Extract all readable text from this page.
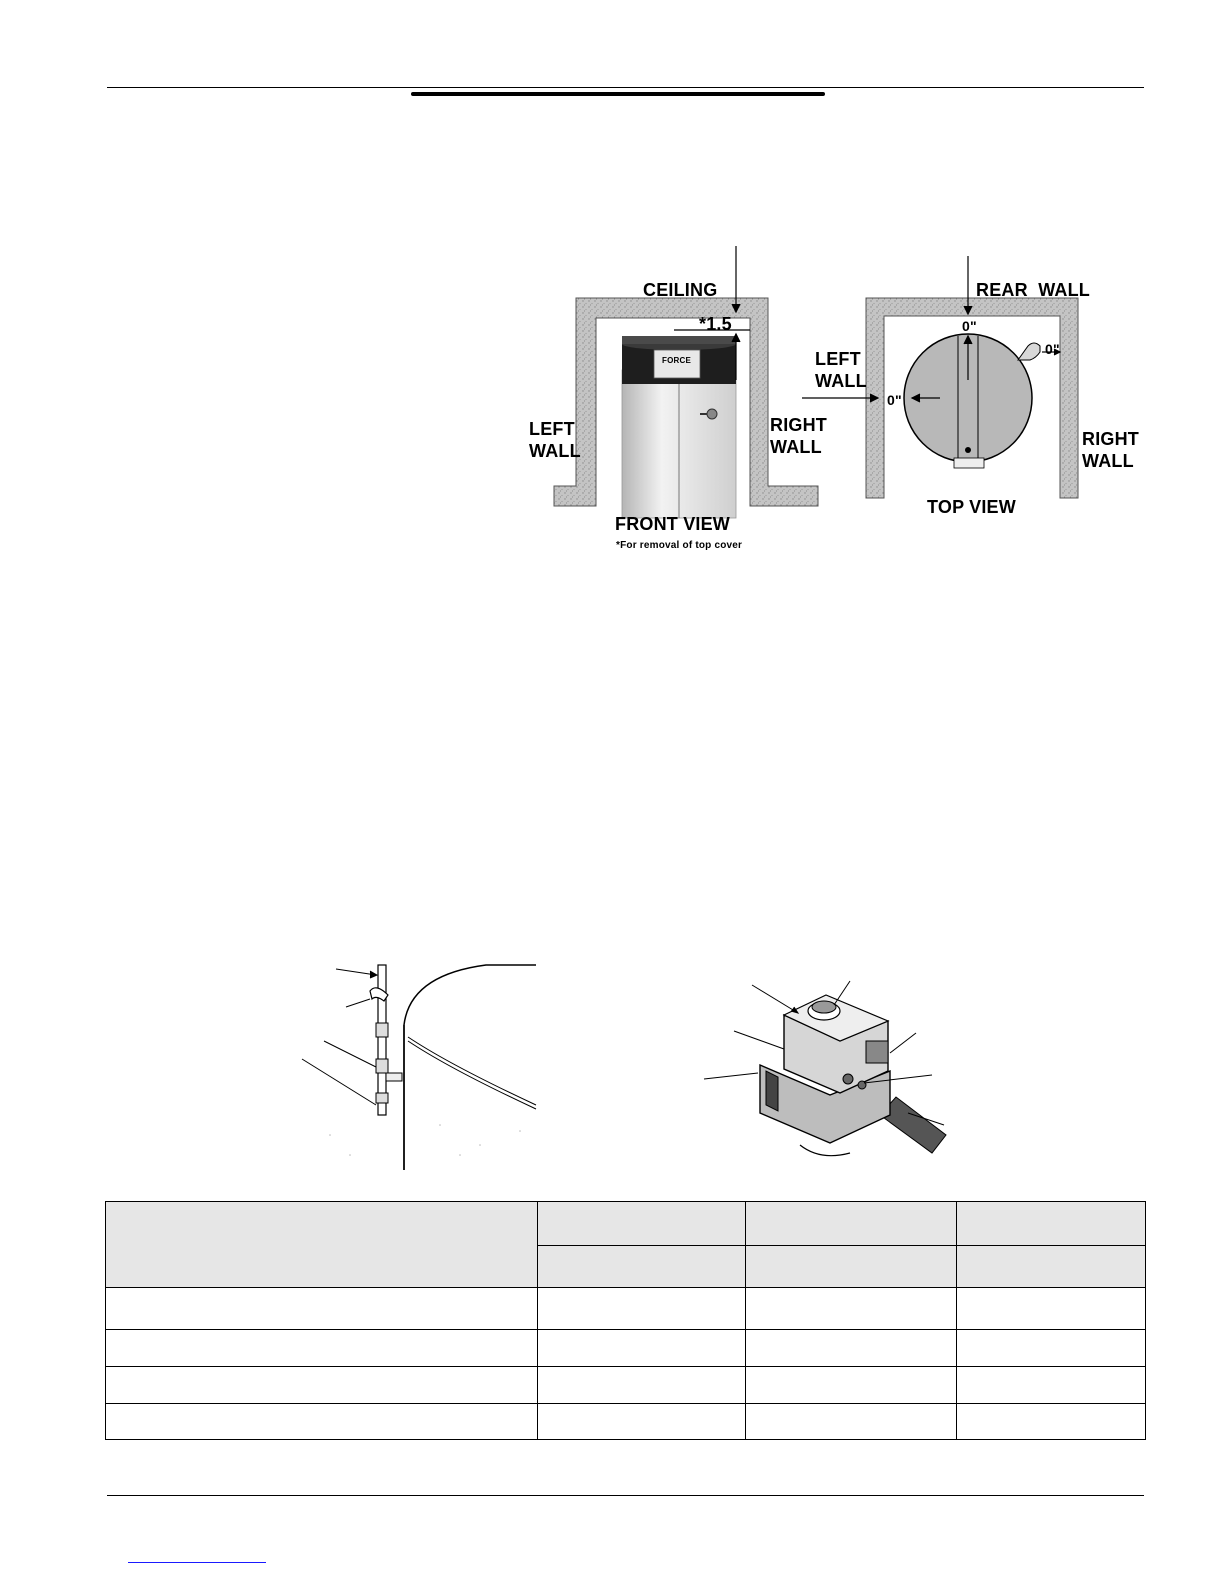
CEILING
*1.5
LEFT
WALL
RIGHT
WALL
FRONT VIEW
*For removal of top cover
FORCE
REAR  WALL
LEFT
WALL
RIGHT
WALL
TOP VIEW
0"
0"
0"
